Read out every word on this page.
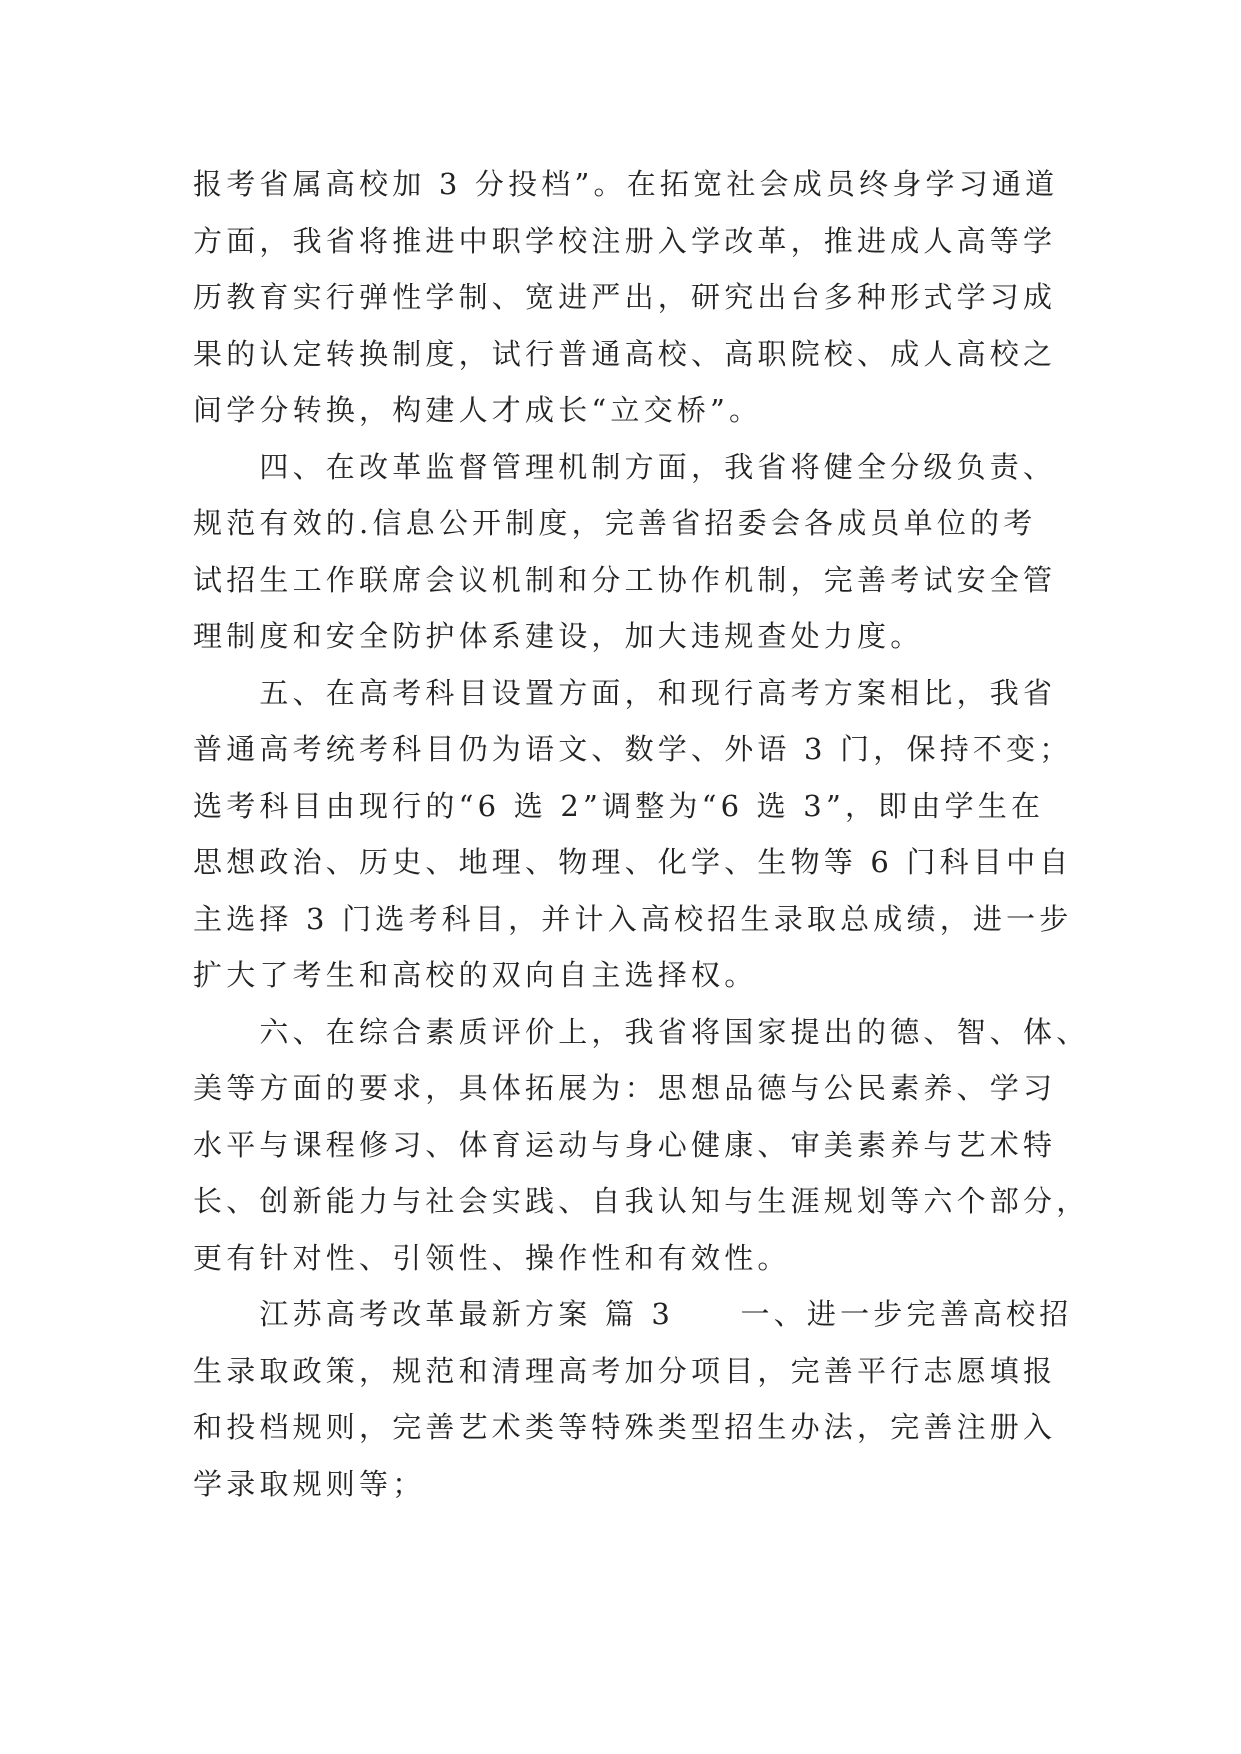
报考省属高校加 3 分投档”。在拓宽社会成员终身学习通道
方面，我省将推进中职学校注册入学改革，推进成人高等学
历教育实行弹性学制、宽进严出，研究出台多种形式学习成
果的认定转换制度，试行普通高校、高职院校、成人高校之
间学分转换，构建人才成长“立交桥”。

　　四、在改革监督管理机制方面，我省将健全分级负责、
规范有效的.信息公开制度，完善省招委会各成员单位的考
试招生工作联席会议机制和分工协作机制，完善考试安全管
理制度和安全防护体系建设，加大违规查处力度。

　　五、在高考科目设置方面，和现行高考方案相比，我省
普通高考统考科目仍为语文、数学、外语 3 门，保持不变；
选考科目由现行的“6 选 2”调整为“6 选 3”，即由学生在
思想政治、历史、地理、物理、化学、生物等 6 门科目中自
主选择 3 门选考科目，并计入高校招生录取总成绩，进一步
扩大了考生和高校的双向自主选择权。

　　六、在综合素质评价上，我省将国家提出的德、智、体、
美等方面的要求，具体拓展为：思想品德与公民素养、学习
水平与课程修习、体育运动与身心健康、审美素养与艺术特
长、创新能力与社会实践、自我认知与生涯规划等六个部分，
更有针对性、引领性、操作性和有效性。

　　江苏高考改革最新方案 篇 3　　一、进一步完善高校招
生录取政策，规范和清理高考加分项目，完善平行志愿填报
和投档规则，完善艺术类等特殊类型招生办法，完善注册入
学录取规则等；
